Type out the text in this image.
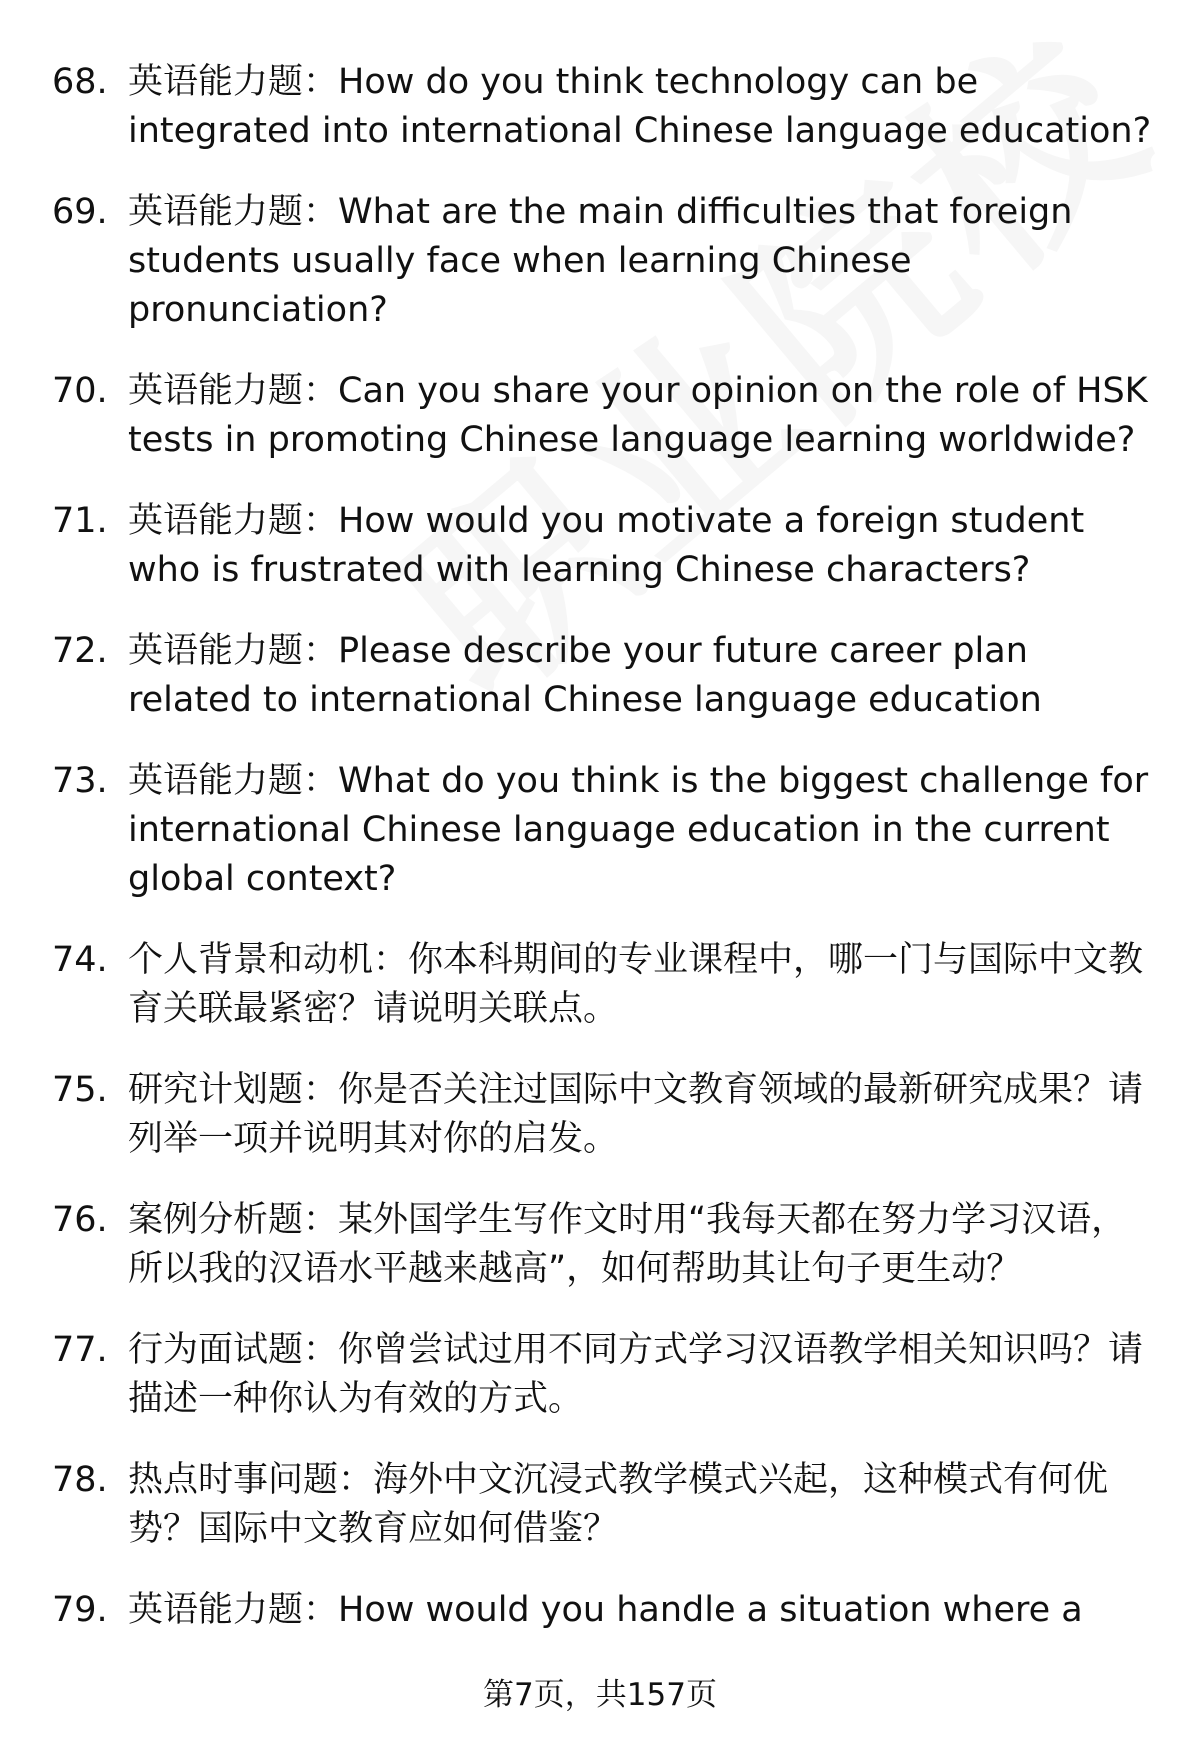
68. 英语能力题：How do you think technology can be integrated into international Chinese language education?
69. 英语能力题：What are the main difficulties that foreign students usually face when learning Chinese pronunciation?
70. 英语能力题：Can you share your opinion on the role of HSK tests in promoting Chinese language learning worldwide?
71. 英语能力题：How would you motivate a foreign student who is frustrated with learning Chinese characters?
72. 英语能力题：Please describe your future career plan related to international Chinese language education
73. 英语能力题：What do you think is the biggest challenge for international Chinese language education in the current global context?
74. 个人背景和动机：你本科期间的专业课程中，哪一门与国际中文教育关联最紧密？请说明关联点。
75. 研究计划题：你是否关注过国际中文教育领域的最新研究成果？请列举一项并说明其对你的启发。
76. 案例分析题：某外国学生写作文时用“我每天都在努力学习汉语，所以我的汉语水平越来越高”，如何帮助其让句子更生动？
77. 行为面试题：你曾尝试过用不同方式学习汉语教学相关知识吗？请描述一种你认为有效的方式。
78. 热点时事问题：海外中文沉浸式教学模式兴起，这种模式有何优势？国际中文教育应如何借鉴？
79. 英语能力题：How would you handle a situation where a
第7页，共157页
